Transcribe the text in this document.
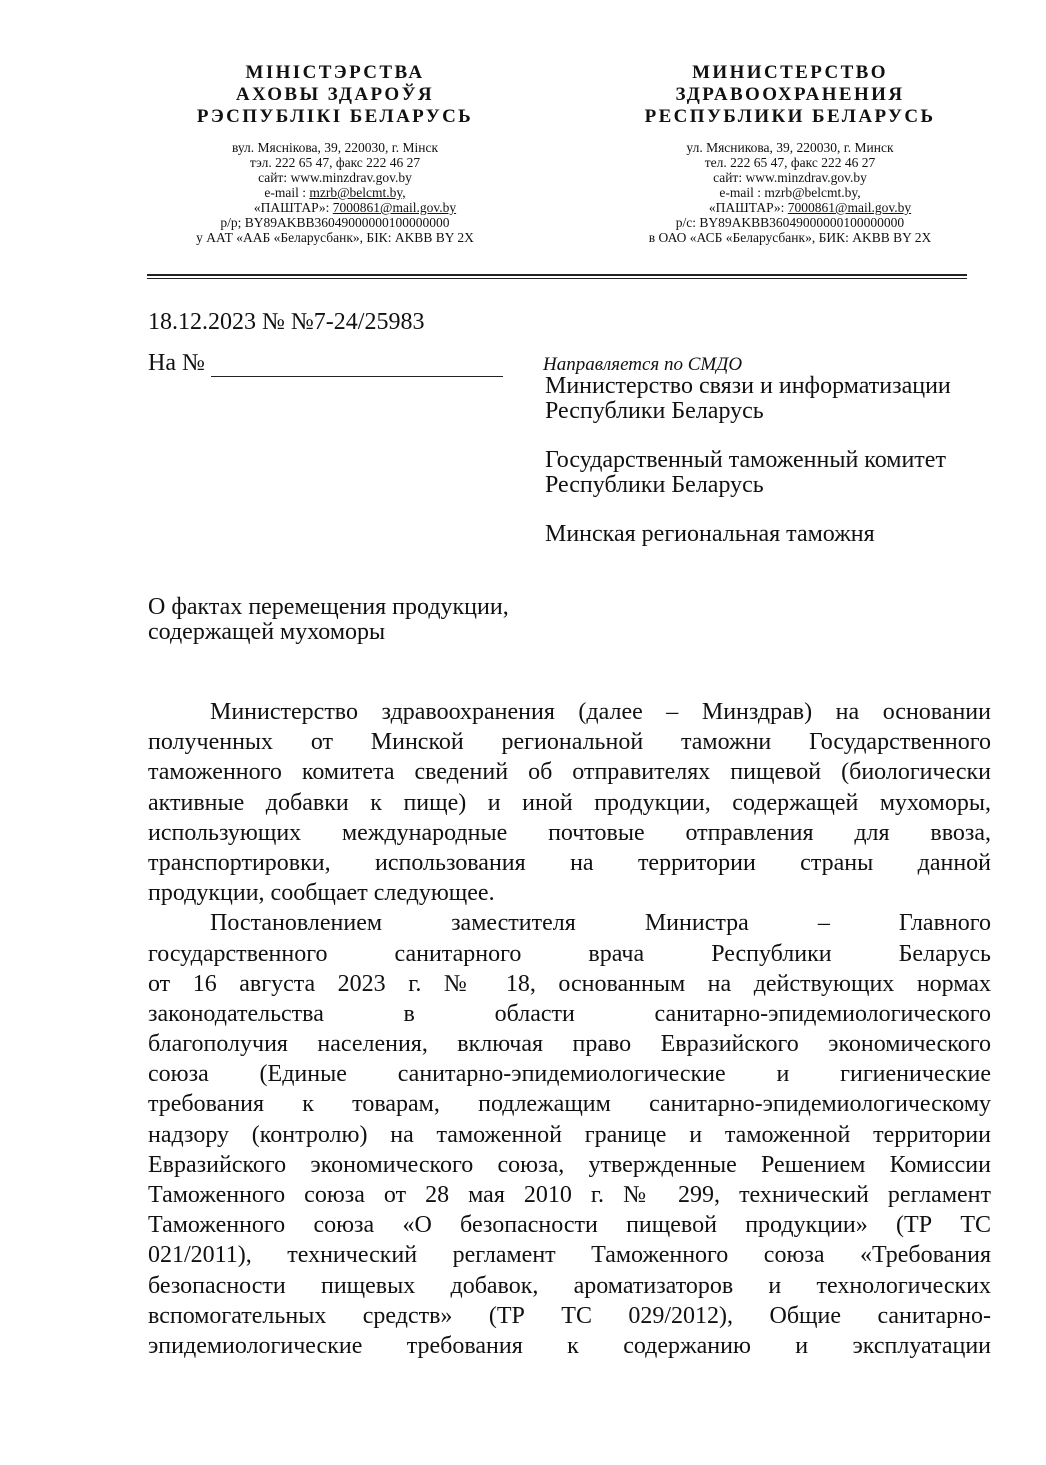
МІНІСТЭРСТВА
АХОВЫ ЗДАРОЎЯ
РЭСПУБЛІКІ БЕЛАРУСЬ
вул. Мяснікова, 39, 220030, г. Мінск
тэл. 222 65 47, факс 222 46 27
сайт: www.minzdrav.gov.by
e-mail : mzrb@belcmt.by,
«ПАШТАР»: 7000861@mail.gov.by
р/р; BY89AKBB36049000000100000000
у ААТ «ААБ «Беларусбанк», БІК: AKBB BY 2X
МИНИСТЕРСТВО
ЗДРАВООХРАНЕНИЯ
РЕСПУБЛИКИ БЕЛАРУСЬ
ул. Мясникова, 39, 220030, г. Минск
тел. 222 65 47, факс 222 46 27
сайт: www.minzdrav.gov.by
e-mail : mzrb@belcmt.by,
«ПАШТАР»: 7000861@mail.gov.by
р/с: BY89AKBB36049000000100000000
в ОАО «АСБ «Беларусбанк», БИК: AKBB BY 2X
18.12.2023 № №7-24/25983
На №	Направляется по СМДО
Министерство связи и информатизации
Республики Беларусь
Государственный таможенный комитет
Республики Беларусь
Минская региональная таможня
О фактах перемещения продукции,
содержащей мухоморы
Министерство здравоохранения (далее – Минздрав) на основании
полученных от Минской региональной таможни Государственного
таможенного комитета сведений об отправителях пищевой (биологически
активные добавки к пище) и иной продукции, содержащей мухоморы,
использующих международные почтовые отправления для ввоза,
транспортировки, использования на территории страны данной
продукции, сообщает следующее.
Постановлением заместителя Министра – Главного
государственного санитарного врача Республики Беларусь
от 16 августа 2023 г. № 18, основанным на действующих нормах
законодательства в области санитарно-эпидемиологического
благополучия населения, включая право Евразийского экономического
союза (Единые санитарно-эпидемиологические и гигиенические
требования к товарам, подлежащим санитарно-эпидемиологическому
надзору (контролю) на таможенной границе и таможенной территории
Евразийского экономического союза, утвержденные Решением Комиссии
Таможенного союза от 28 мая 2010 г. № 299, технический регламент
Таможенного союза «О безопасности пищевой продукции» (ТР ТС
021/2011), технический регламент Таможенного союза «Требования
безопасности пищевых добавок, ароматизаторов и технологических
вспомогательных средств» (ТР ТС 029/2012), Общие санитарно-
эпидемиологические требования к содержанию и эксплуатации
